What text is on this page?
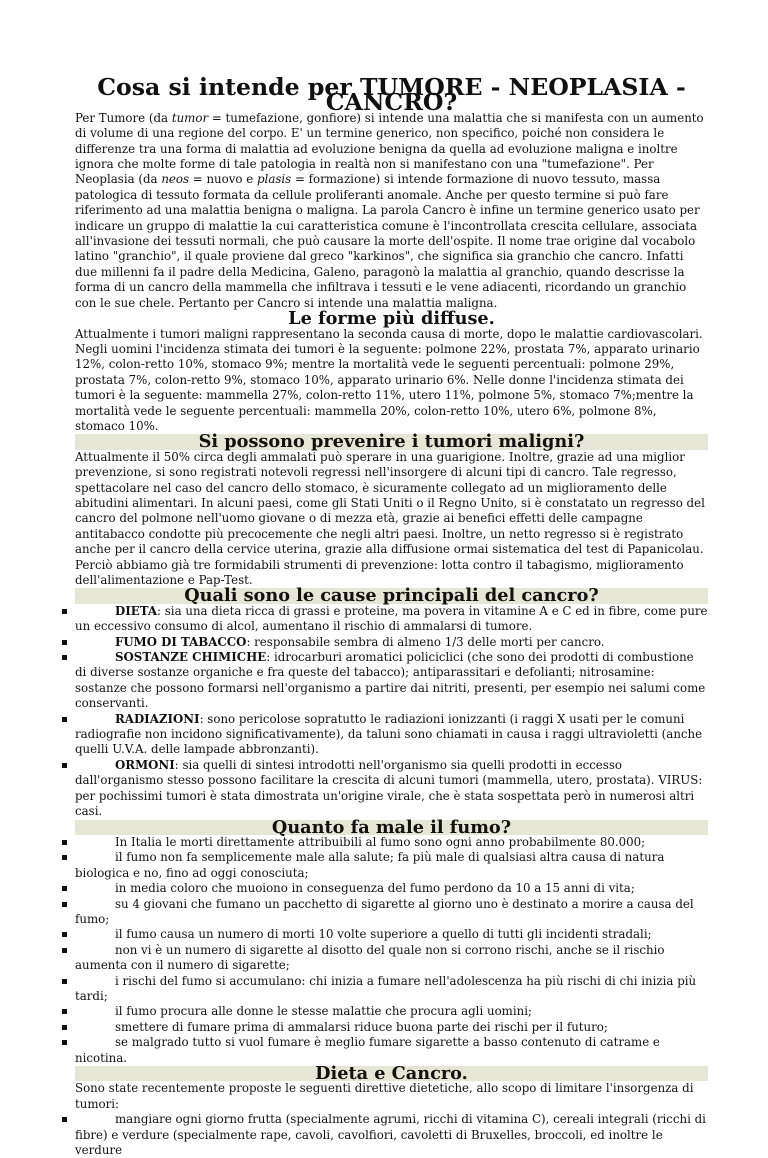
Cosa si intende per TUMORE - NEOPLASIA - CANCRO?

Per Tumore (da tumor = tumefazione, gonfiore) si intende una malattia che si manifesta con un aumento di volume di una regione del corpo. E' un termine generico, non specifico, poiché non considera le differenze tra una forma di malattia ad evoluzione benigna da quella ad evoluzione maligna e inoltre ignora che molte forme di tale patologia in realtà non si manifestano con una "tumefazione". Per Neoplasia (da neos = nuovo e plasis = formazione) si intende formazione di nuovo tessuto, massa patologica di tessuto formata da cellule proliferanti anomale. Anche per questo termine si può fare riferimento ad una malattia benigna o maligna. La parola Cancro è infine un termine generico usato per indicare un gruppo di malattie la cui caratteristica comune è l'incontrollata crescita cellulare, associata all'invasione dei tessuti normali, che può causare la morte dell'ospite. Il nome trae origine dal vocabolo latino "granchio", il quale proviene dal greco "karkinos", che significa sia granchio che cancro. Infatti due millenni fa il padre della Medicina, Galeno, paragonò la malattia al granchio, quando descrisse la forma di un cancro della mammella che infiltrava i tessuti e le vene adiacenti, ricordando un granchio con le sue chele. Pertanto per Cancro si intende una malattia maligna.

Le forme più diffuse.

Attualmente i tumori maligni rappresentano la seconda causa di morte, dopo le malattie cardiovascolari. Negli uomini l'incidenza stimata dei tumori è la seguente: polmone 22%, prostata 7%, apparato urinario 12%, colon-retto 10%, stomaco 9%; mentre la mortalità vede le seguenti percentuali: polmone 29%, prostata 7%, colon-retto 9%, stomaco 10%, apparato urinario 6%. Nelle donne l'incidenza stimata dei tumori è la seguente: mammella 27%, colon-retto 11%, utero 11%, polmone 5%, stomaco 7%;mentre la mortalità vede le seguente percentuali: mammella 20%, colon-retto 10%, utero 6%, polmone 8%, stomaco 10%.

Si possono prevenire i tumori maligni?

Attualmente il 50% circa degli ammalati può sperare in una guarigione. Inoltre, grazie ad una miglior prevenzione, si sono registrati notevoli regressi nell'insorgere di alcuni tipi di cancro. Tale regresso, spettacolare nel caso del cancro dello stomaco, è sicuramente collegato ad un miglioramento delle abitudini alimentari. In alcuni paesi, come gli Stati Uniti o il Regno Unito, si è constatato un regresso del cancro del polmone nell'uomo giovane o di mezza età, grazie ai benefici effetti delle campagne antitabacco condotte più precocemente che negli altri paesi. Inoltre, un netto regresso si è registrato anche per il cancro della cervice uterina, grazie alla diffusione ormai sistematica del test di Papanicolau. Perciò abbiamo già tre formidabili strumenti di prevenzione: lotta contro il tabagismo, miglioramento dell'alimentazione e Pap-Test.

Quali sono le cause principali del cancro?
DIETA: sia una dieta ricca di grassi e proteine, ma povera in vitamine A e C ed in fibre, come pure un eccessivo consumo di alcol, aumentano il rischio di ammalarsi di tumore.
FUMO DI TABACCO: responsabile sembra di almeno 1/3 delle morti per cancro.
SOSTANZE CHIMICHE: idrocarburi aromatici policiclici (che sono dei prodotti di combustione di diverse sostanze organiche e fra queste del tabacco); antiparassitari e defolianti; nitrosamine: sostanze che possono formarsi nell'organismo a partire dai nitriti, presenti, per esempio nei salumi come conservanti.
RADIAZIONI: sono pericolose sopratutto le radiazioni ionizzanti (i raggi X usati per le comuni radiografie non incidono significativamente), da taluni sono chiamati in causa i raggi ultravioletti (anche quelli U.V.A. delle lampade abbronzanti).
ORMONI: sia quelli di sintesi introdotti nell'organismo sia quelli prodotti in eccesso dall'organismo stesso possono facilitare la crescita di alcuni tumori (mammella, utero, prostata). VIRUS: per pochissimi tumori è stata dimostrata un'origine virale, che è stata sospettata però in numerosi altri casi.
Quanto fa male il fumo?
In Italia le morti direttamente attribuibili al fumo sono ogni anno probabilmente 80.000;
il fumo non fa semplicemente male alla salute; fa più male di qualsiasi altra causa di natura biologica e no, fino ad oggi conosciuta;
in media coloro che muoiono in conseguenza del fumo perdono da 10 a 15 anni di vita;
su 4 giovani che fumano un pacchetto di sigarette al giorno uno è destinato a morire a causa del fumo;
il fumo causa un numero di morti 10 volte superiore a quello di tutti gli incidenti stradali;
non vi è un numero di sigarette al disotto del quale non si corrono rischi, anche se il rischio aumenta con il numero di sigarette;
i rischi del fumo si accumulano: chi inizia a fumare nell'adolescenza ha più rischi di chi inizia più tardi;
il fumo procura alle donne le stesse malattie che procura agli uomini;
smettere di fumare prima di ammalarsi riduce buona parte dei rischi per il futuro;
se malgrado tutto si vuol fumare è meglio fumare sigarette a basso contenuto di catrame e nicotina.
Dieta e Cancro.

Sono state recentemente proposte le seguenti direttive dietetiche, allo scopo di limitare l'insorgenza di tumori:

mangiare ogni giorno frutta (specialmente agrumi, ricchi di vitamina C), cereali integrali (ricchi di fibre) e verdure (specialmente rape, cavoli, cavolfiori, cavoletti di Bruxelles, broccoli, ed inoltre le verdure
